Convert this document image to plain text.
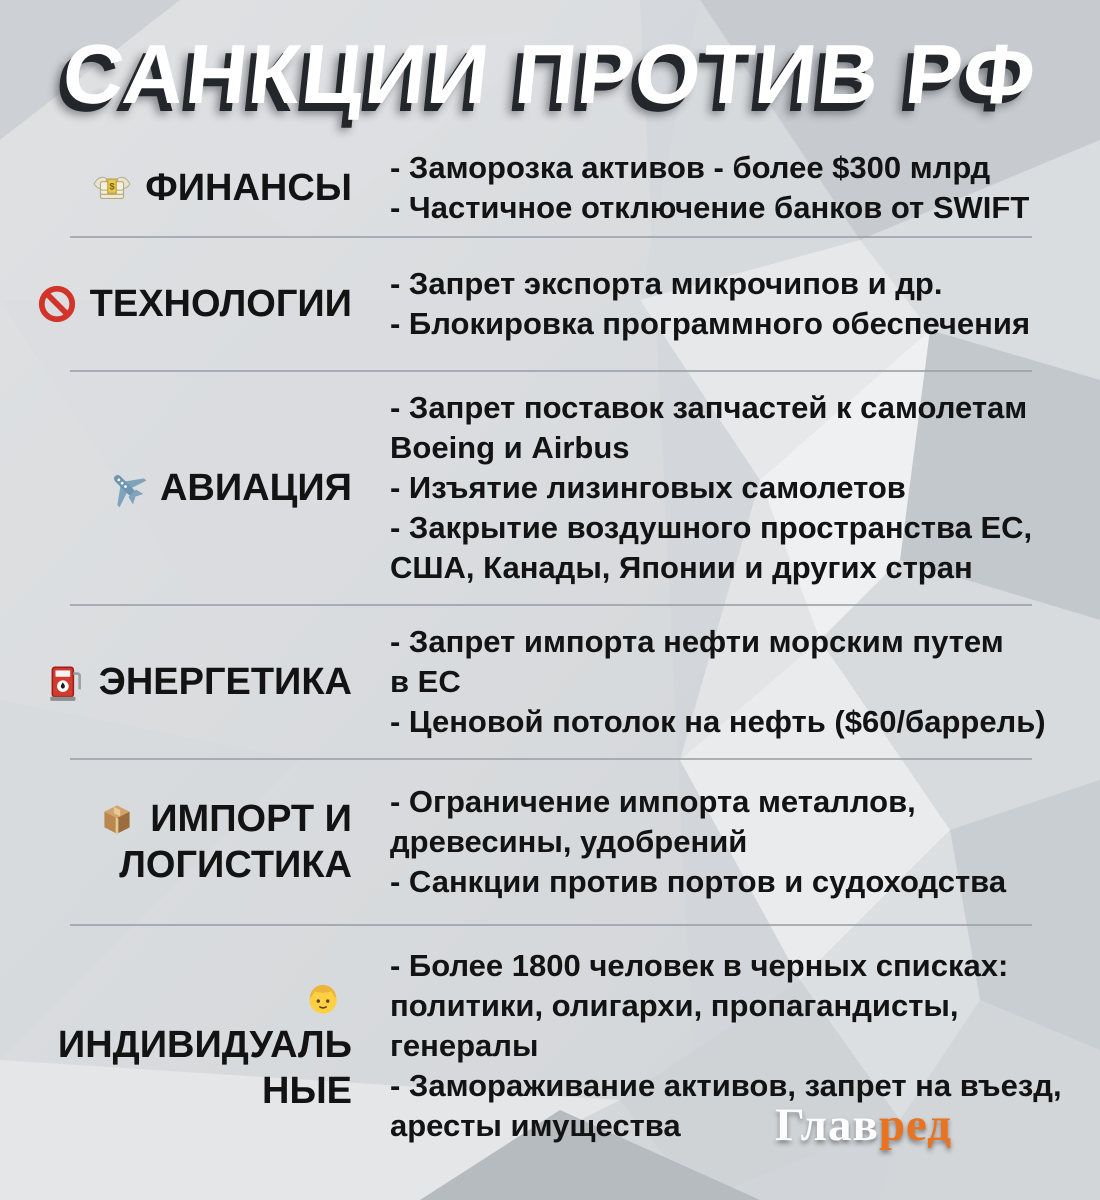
САНКЦИИ ПРОТИВ РФ
$ ФИНАНСЫ - Заморозка активов - более $300 млрд
- Частичное отключение банков от SWIFT
ТЕХНОЛОГИИ - Запрет экспорта микрочипов и др.
- Блокировка программного обеспечения
АВИАЦИЯ
- Запрет поставок запчастей к самолетам
Boeing и Airbus
- Изъятие лизинговых самолетов
- Закрытие воздушного пространства ЕС,
США, Канады, Японии и других стран
ЭНЕРГЕТИКА
- Запрет импорта нефти морским путем
в ЕС
- Ценовой потолок на нефть ($60/баррель)
ИМПОРТ И
ЛОГИСТИКА
- Ограничение импорта металлов,
древесины, удобрений
- Санкции против портов и судоходства
ИНДИВИДУАЛЬ
НЫЕ
- Более 1800 человек в черных списках:
политики, олигархи, пропагандисты,
генералы
- Замораживание активов, запрет на въезд,
аресты имущества	Главред
